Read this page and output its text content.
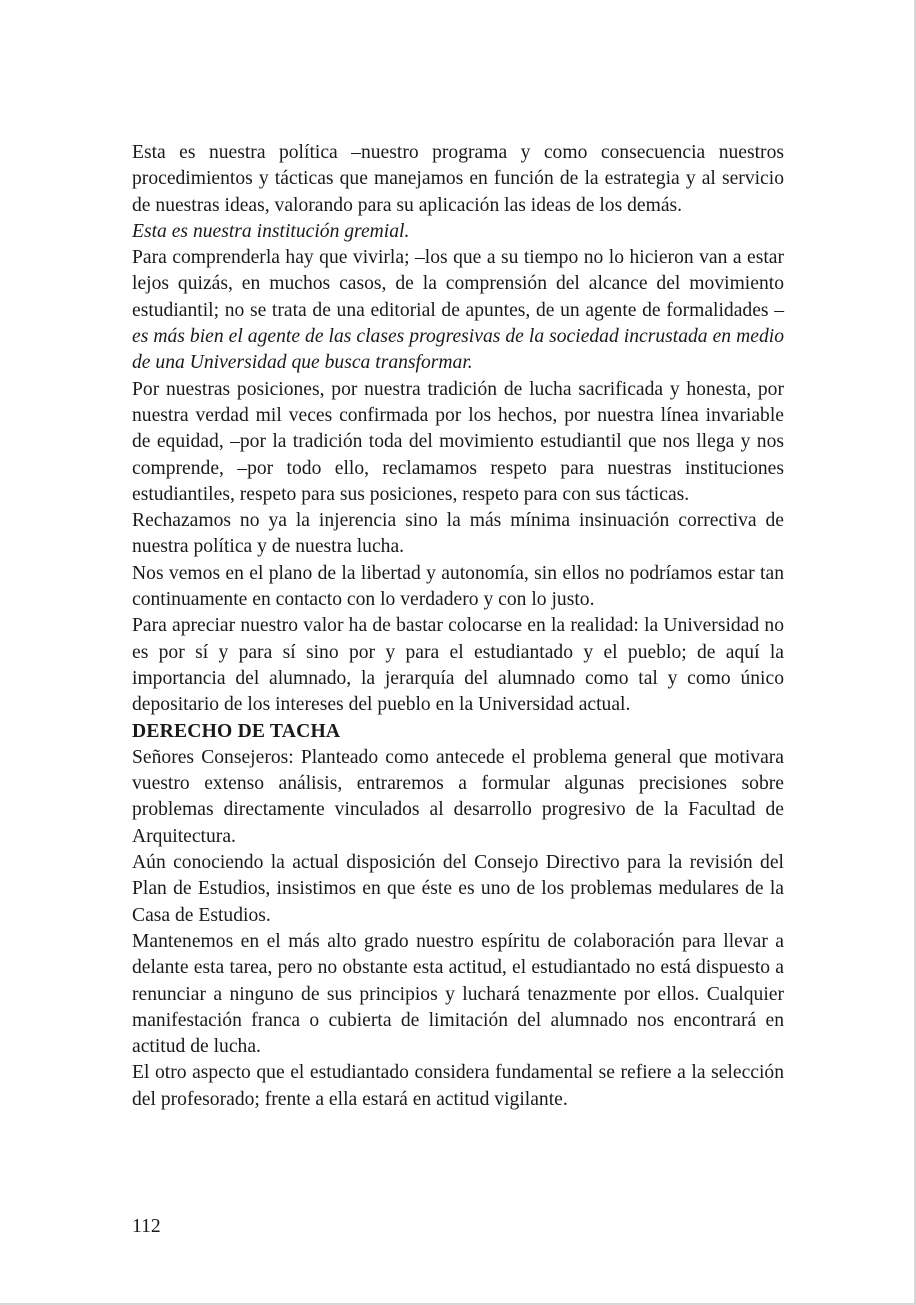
Esta es nuestra política –nuestro programa y como consecuencia nuestros procedimientos y tácticas que manejamos en función de la estrategia y al servicio de nuestras ideas, valorando para su aplicación las ideas de los demás.

Esta es nuestra institución gremial.

Para comprenderla hay que vivirla; –los que a su tiempo no lo hicieron van a estar lejos quizás, en muchos casos, de la comprensión del alcance del movimiento estudiantil; no se trata de una editorial de apuntes, de un agente de formalidades –es más bien el agente de las clases progresivas de la sociedad incrustada en medio de una Universidad que busca transformar.

Por nuestras posiciones, por nuestra tradición de lucha sacrificada y honesta, por nuestra verdad mil veces confirmada por los hechos, por nuestra línea invariable de equidad, –por la tradición toda del movimiento estudiantil que nos llega y nos comprende, –por todo ello, reclamamos respeto para nuestras instituciones estudiantiles, respeto para sus posiciones, respeto para con sus tácticas.

Rechazamos no ya la injerencia sino la más mínima insinuación correctiva de nuestra política y de nuestra lucha.

Nos vemos en el plano de la libertad y autonomía, sin ellos no podríamos estar tan continuamente en contacto con lo verdadero y con lo justo.

Para apreciar nuestro valor ha de bastar colocarse en la realidad: la Universidad no es por sí y para sí sino por y para el estudiantado y el pueblo; de aquí la importancia del alumnado, la jerarquía del alumnado como tal y como único depositario de los intereses del pueblo en la Universidad actual.

DERECHO DE TACHA

Señores Consejeros: Planteado como antecede el problema general que motivara vuestro extenso análisis, entraremos a formular algunas precisiones sobre problemas directamente vinculados al desarrollo progresivo de la Facultad de Arquitectura.

Aún conociendo la actual disposición del Consejo Directivo para la revisión del Plan de Estudios, insistimos en que éste es uno de los problemas medulares de la Casa de Estudios.

Mantenemos en el más alto grado nuestro espíritu de colaboración para llevar a delante esta tarea, pero no obstante esta actitud, el estudiantado no está dispuesto a renunciar a ninguno de sus principios y luchará tenazmente por ellos. Cualquier manifestación franca o cubierta de limitación del alumnado nos encontrará en actitud de lucha.

El otro aspecto que el estudiantado considera fundamental se refiere a la selección del profesorado; frente a ella estará en actitud vigilante.

112
